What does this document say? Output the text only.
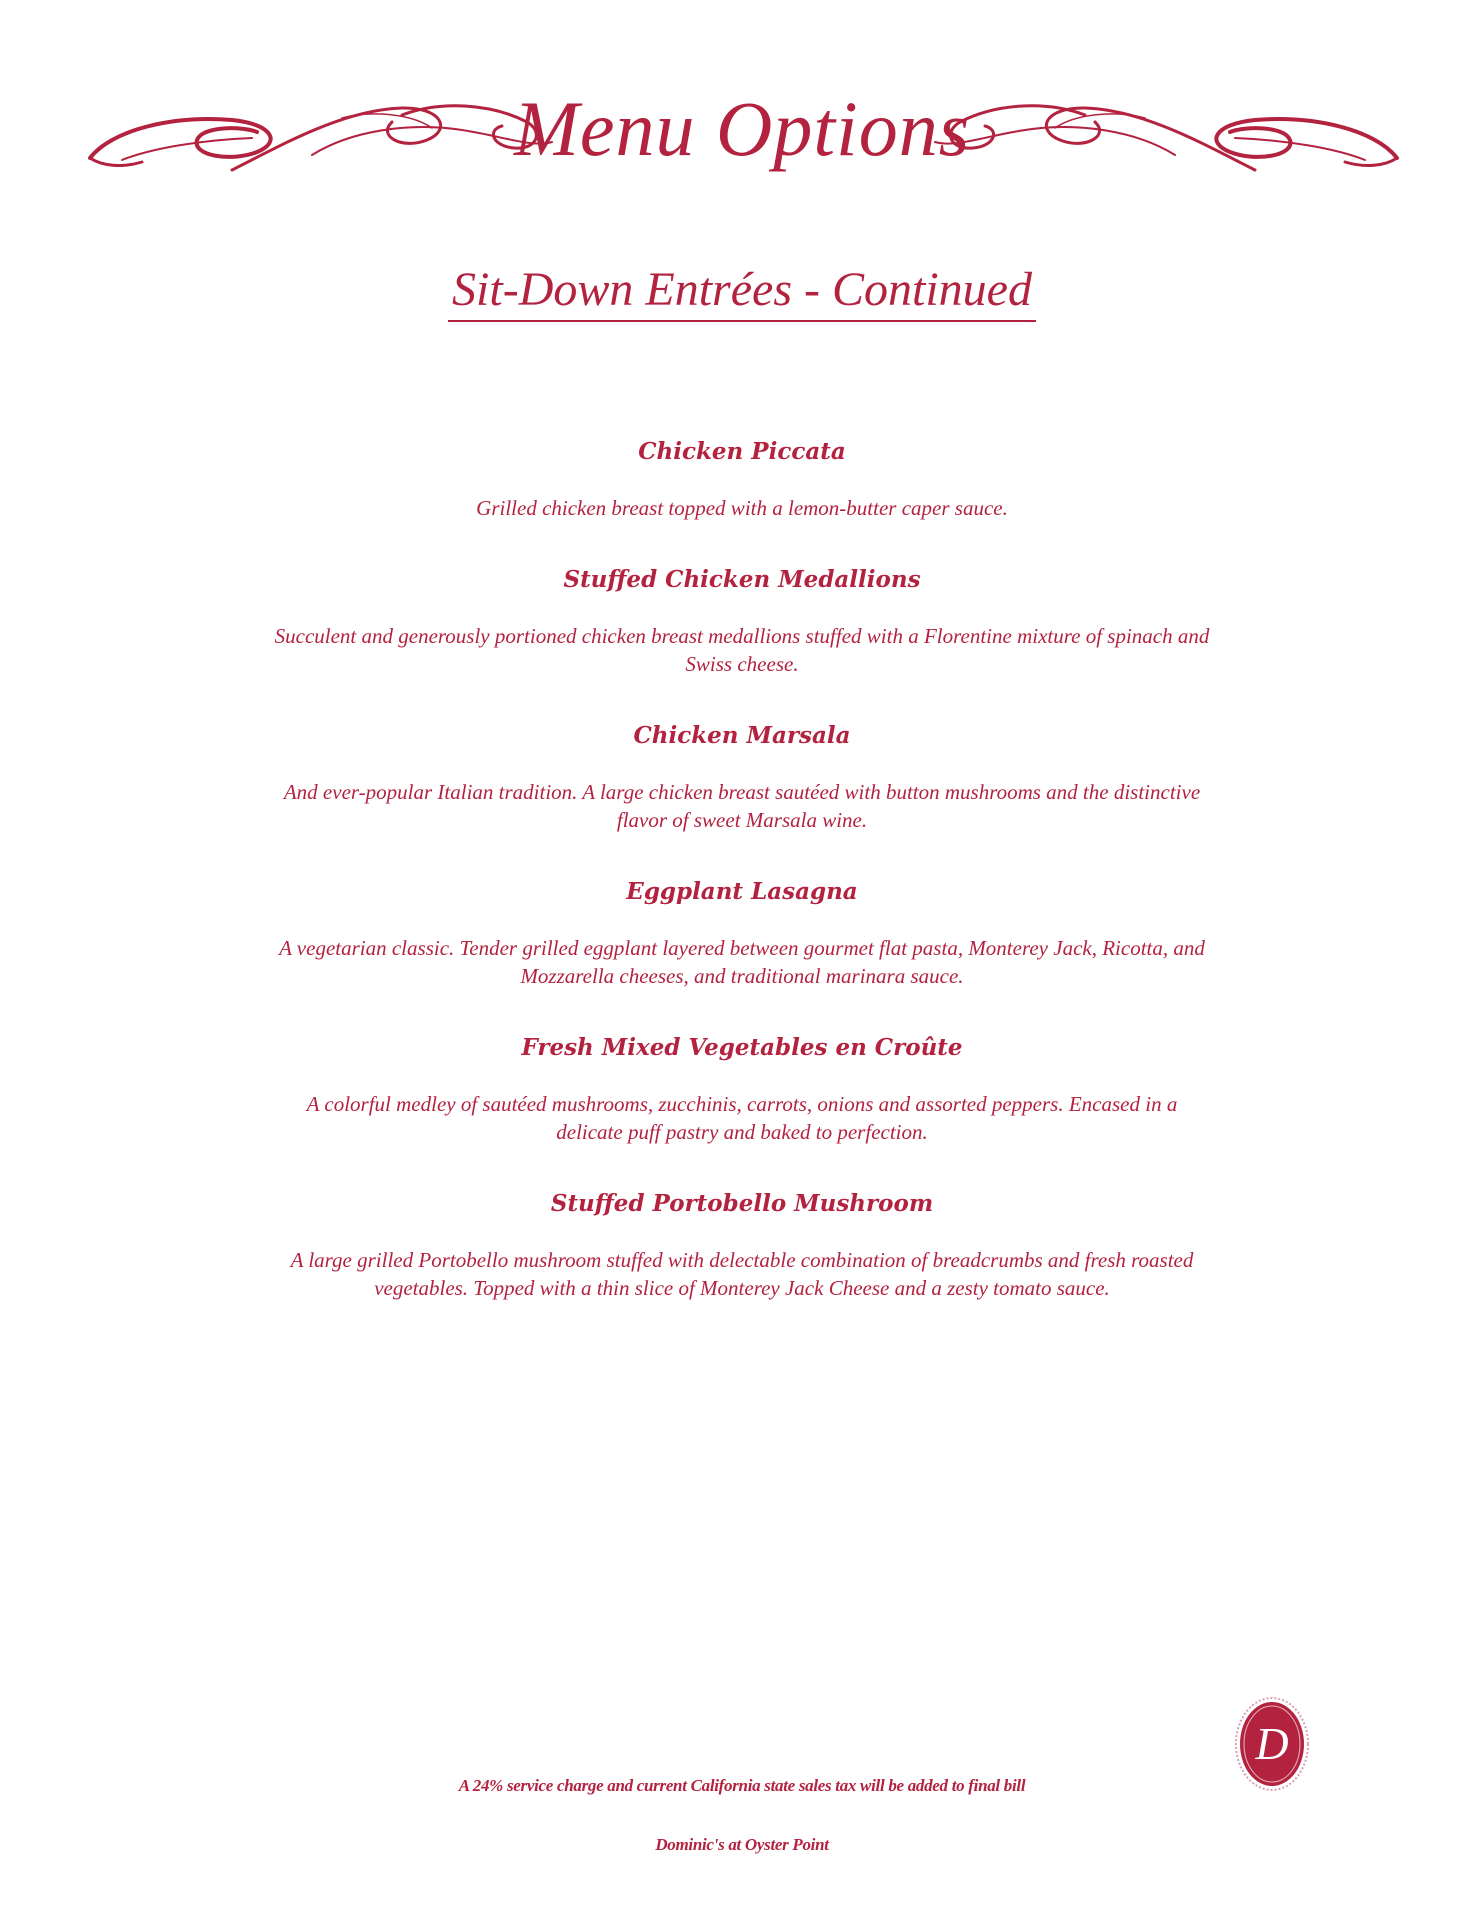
Menu Options
Sit-Down Entrées - Continued

Chicken Piccata

Grilled chicken breast topped with a lemon-butter caper sauce.

Stuffed Chicken Medallions

Succulent and generously portioned chicken breast medallions stuffed with a Florentine mixture of spinach and Swiss cheese.

Chicken Marsala

And ever-popular Italian tradition. A large chicken breast sautéed with button mushrooms and the distinctive flavor of sweet Marsala wine.

Eggplant Lasagna

A vegetarian classic. Tender grilled eggplant layered between gourmet flat pasta, Monterey Jack, Ricotta, and Mozzarella cheeses, and traditional marinara sauce.

Fresh Mixed Vegetables en Croûte

A colorful medley of sautéed mushrooms, zucchinis, carrots, onions and assorted peppers. Encased in a delicate puff pastry and baked to perfection.

Stuffed Portobello Mushroom

A large grilled Portobello mushroom stuffed with delectable combination of breadcrumbs and fresh roasted vegetables. Topped with a thin slice of Monterey Jack Cheese and a zesty tomato sauce.

D
A 24% service charge and current California state sales tax will be added to final bill
Dominic's at Oyster Point
